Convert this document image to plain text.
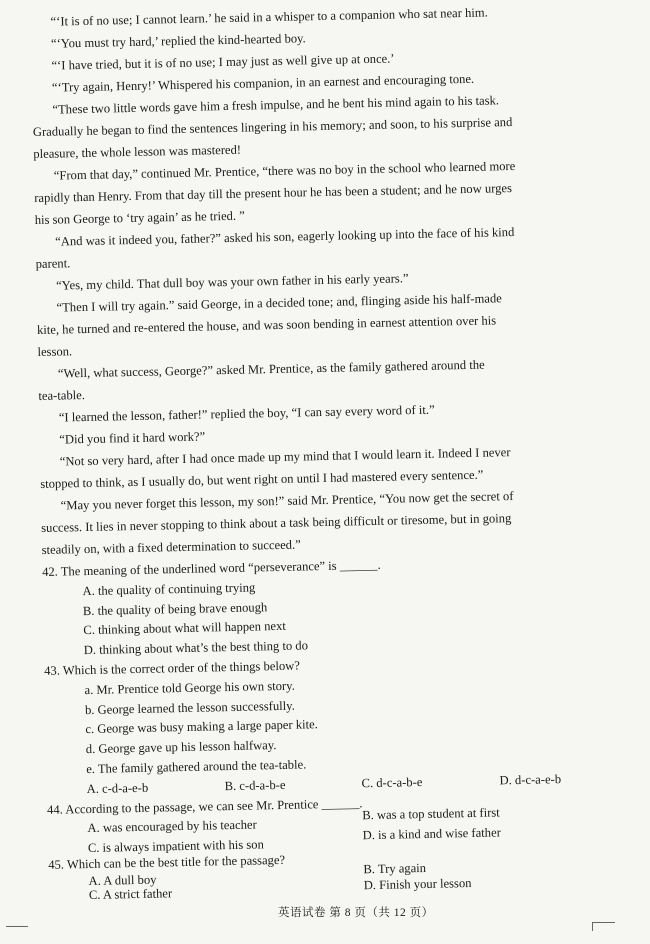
“‘It is of no use; I cannot learn.’ he said in a whisper to a companion who sat near him.
“‘You must try hard,’ replied the kind-hearted boy.
“‘I have tried, but it is of no use; I may just as well give up at once.’
“‘Try again, Henry!’ Whispered his companion, in an earnest and encouraging tone.
“These two little words gave him a fresh impulse, and he bent his mind again to his task.
Gradually he began to find the sentences lingering in his memory; and soon, to his surprise and
pleasure, the whole lesson was mastered!
“From that day,” continued Mr. Prentice, “there was no boy in the school who learned more
rapidly than Henry. From that day till the present hour he has been a student; and he now urges
his son George to ‘try again’ as he tried. ”
“And was it indeed you, father?” asked his son, eagerly looking up into the face of his kind
parent.
“Yes, my child. That dull boy was your own father in his early years.”
“Then I will try again.” said George, in a decided tone; and, flinging aside his half-made
kite, he turned and re-entered the house, and was soon bending in earnest attention over his
lesson.
“Well, what success, George?” asked Mr. Prentice, as the family gathered around the
tea-table.
“I learned the lesson, father!” replied the boy, “I can say every word of it.”
“Did you find it hard work?”
“Not so very hard, after I had once made up my mind that I would learn it. Indeed I never
stopped to think, as I usually do, but went right on until I had mastered every sentence.”
“May you never forget this lesson, my son!” said Mr. Prentice, “You now get the secret of
success. It lies in never stopping to think about a task being difficult or tiresome, but in going
steadily on, with a fixed determination to succeed.”
42. The meaning of the underlined word “perseverance” is ______.
A. the quality of continuing trying
B. the quality of being brave enough
C. thinking about what will happen next
D. thinking about what’s the best thing to do
43. Which is the correct order of the things below?
a. Mr. Prentice told George his own story.
b. George learned the lesson successfully.
c. George was busy making a large paper kite.
d. George gave up his lesson halfway.
e. The family gathered around the tea-table.
A. c-d-a-e-b	B. c-d-a-b-e	C. d-c-a-b-e	D. d-c-a-e-b
44. According to the passage, we can see Mr. Prentice ______.
A. was encouraged by his teacher
B. was a top student at first
C. is always impatient with his son
D. is a kind and wise father
45. Which can be the best title for the passage?
A. A dull boy
B. Try again
C. A strict father
D. Finish your lesson
英语试卷 第 8 页（共 12 页）
